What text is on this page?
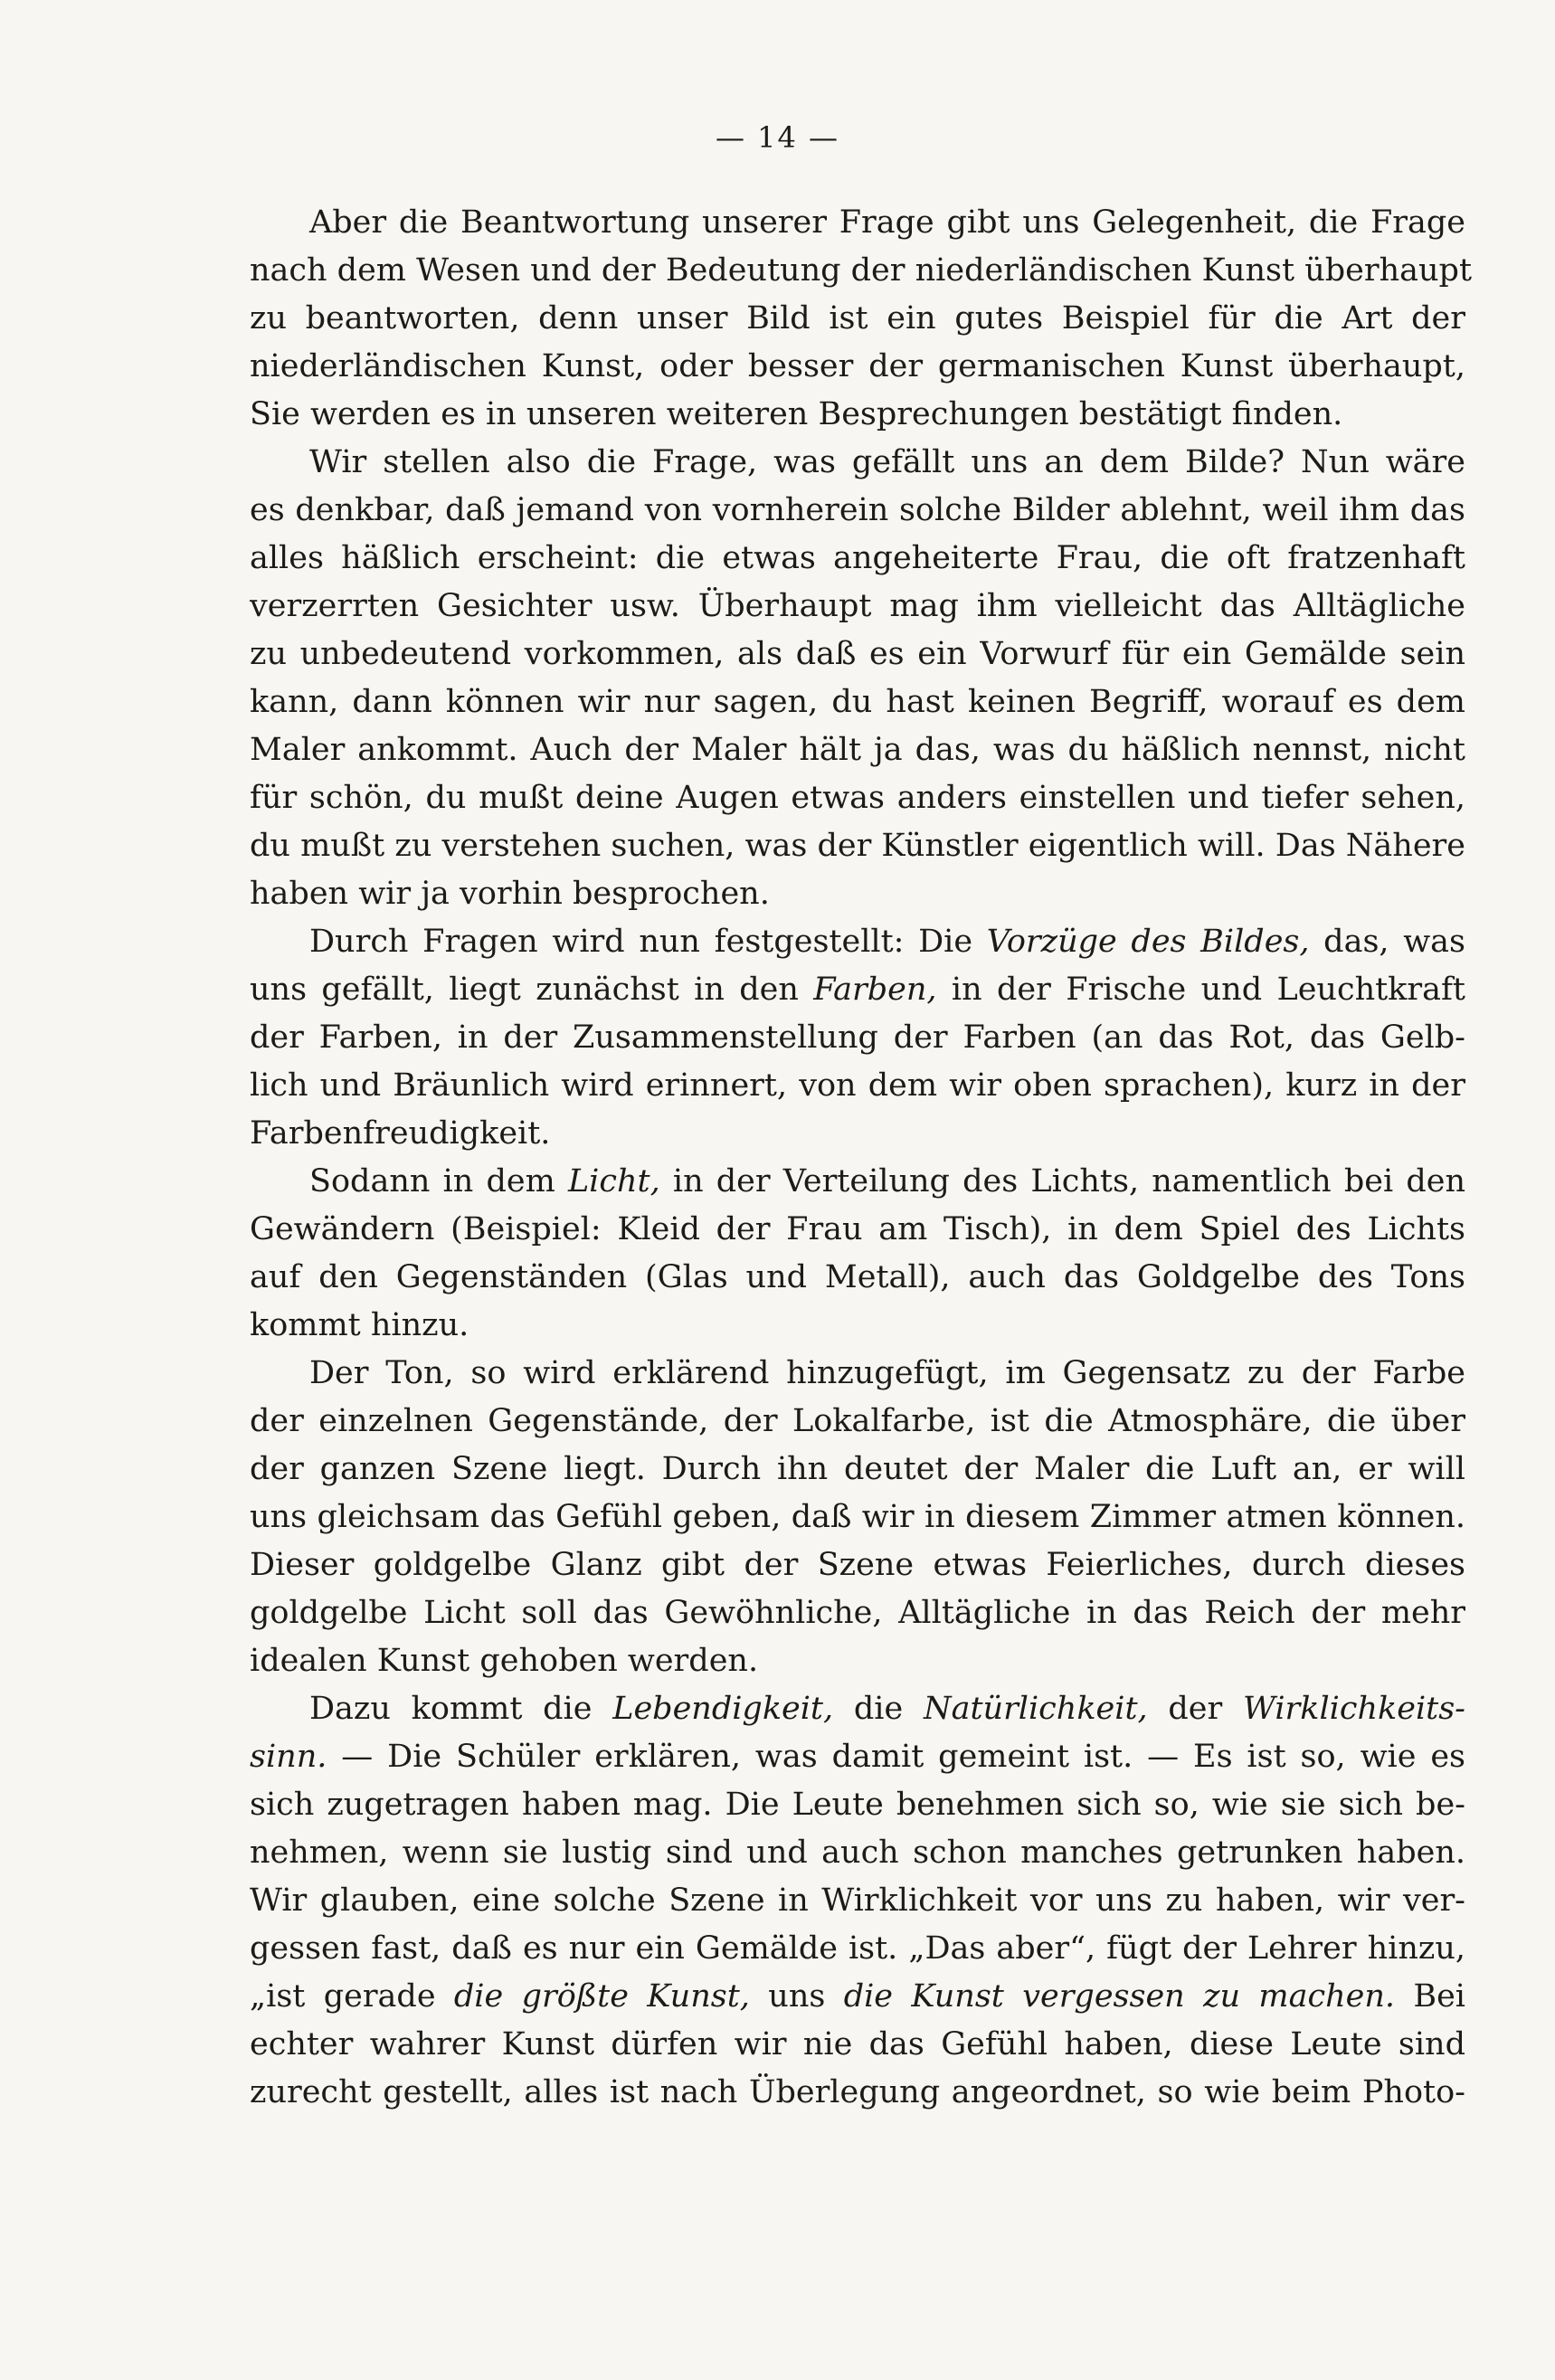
— 14 —
Aber die Beantwortung unserer Frage gibt uns Gelegenheit, die Frage
nach dem Wesen und der Bedeutung der niederländischen Kunst überhaupt
zu beantworten, denn unser Bild ist ein gutes Beispiel für die Art der
niederländischen Kunst, oder besser der germanischen Kunst überhaupt,
Sie werden es in unseren weiteren Besprechungen bestätigt finden.
Wir stellen also die Frage, was gefällt uns an dem Bilde? Nun wäre
es denkbar, daß jemand von vornherein solche Bilder ablehnt, weil ihm das
alles häßlich erscheint: die etwas angeheiterte Frau, die oft fratzenhaft
verzerrten Gesichter usw. Überhaupt mag ihm vielleicht das Alltägliche
zu unbedeutend vorkommen, als daß es ein Vorwurf für ein Gemälde sein
kann, dann können wir nur sagen, du hast keinen Begriff, worauf es dem
Maler ankommt. Auch der Maler hält ja das, was du häßlich nennst, nicht
für schön, du mußt deine Augen etwas anders einstellen und tiefer sehen,
du mußt zu verstehen suchen, was der Künstler eigentlich will. Das Nähere
haben wir ja vorhin besprochen.
Durch Fragen wird nun festgestellt: Die Vorzüge des Bildes, das, was
uns gefällt, liegt zunächst in den Farben, in der Frische und Leuchtkraft
der Farben, in der Zusammenstellung der Farben (an das Rot, das Gelb-
lich und Bräunlich wird erinnert, von dem wir oben sprachen), kurz in der
Farbenfreudigkeit.
Sodann in dem Licht, in der Verteilung des Lichts, namentlich bei den
Gewändern (Beispiel: Kleid der Frau am Tisch), in dem Spiel des Lichts
auf den Gegenständen (Glas und Metall), auch das Goldgelbe des Tons
kommt hinzu.
Der Ton, so wird erklärend hinzugefügt, im Gegensatz zu der Farbe
der einzelnen Gegenstände, der Lokalfarbe, ist die Atmosphäre, die über
der ganzen Szene liegt. Durch ihn deutet der Maler die Luft an, er will
uns gleichsam das Gefühl geben, daß wir in diesem Zimmer atmen können.
Dieser goldgelbe Glanz gibt der Szene etwas Feierliches, durch dieses
goldgelbe Licht soll das Gewöhnliche, Alltägliche in das Reich der mehr
idealen Kunst gehoben werden.
Dazu kommt die Lebendigkeit, die Natürlichkeit, der Wirklichkeits-
sinn. — Die Schüler erklären, was damit gemeint ist. — Es ist so, wie es
sich zugetragen haben mag. Die Leute benehmen sich so, wie sie sich be-
nehmen, wenn sie lustig sind und auch schon manches getrunken haben.
Wir glauben, eine solche Szene in Wirklichkeit vor uns zu haben, wir ver-
gessen fast, daß es nur ein Gemälde ist. „Das aber“, fügt der Lehrer hinzu,
„ist gerade die größte Kunst, uns die Kunst vergessen zu machen. Bei
echter wahrer Kunst dürfen wir nie das Gefühl haben, diese Leute sind
zurecht gestellt, alles ist nach Überlegung angeordnet, so wie beim Photo-
